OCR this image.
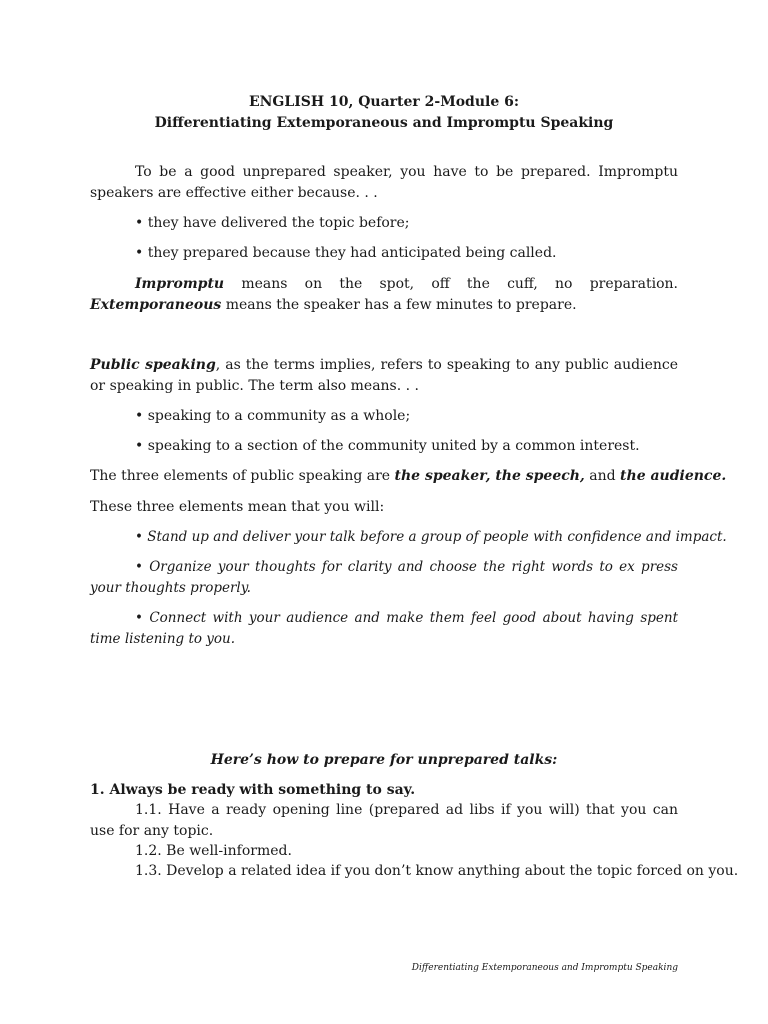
ENGLISH 10, Quarter 2-Module 6:
Differentiating Extemporaneous and Impromptu Speaking
To be a good unprepared speaker, you have to be prepared. Impromptu speakers are effective either because. . .
• they have delivered the topic before;
• they prepared because they had anticipated being called.
Impromptu means on the spot, off the cuff, no preparation. Extemporaneous means the speaker has a few minutes to prepare.
Public speaking, as the terms implies, refers to speaking to any public audience or speaking in public. The term also means. . .
• speaking to a community as a whole;
• speaking to a section of the community united by a common interest.
The three elements of public speaking are the speaker, the speech, and the audience.
These three elements mean that you will:
• Stand up and deliver your talk before a group of people with confidence and impact.
• Organize your thoughts for clarity and choose the right words to ex press your thoughts properly.
• Connect with your audience and make them feel good about having spent time listening to you.
Here’s how to prepare for unprepared talks:
1. Always be ready with something to say.
1.1. Have a ready opening line (prepared ad libs if you will) that you can use for any topic.
1.2. Be well-informed.
1.3. Develop a related idea if you don’t know anything about the topic forced on you.
Differentiating Extemporaneous and Impromptu Speaking
